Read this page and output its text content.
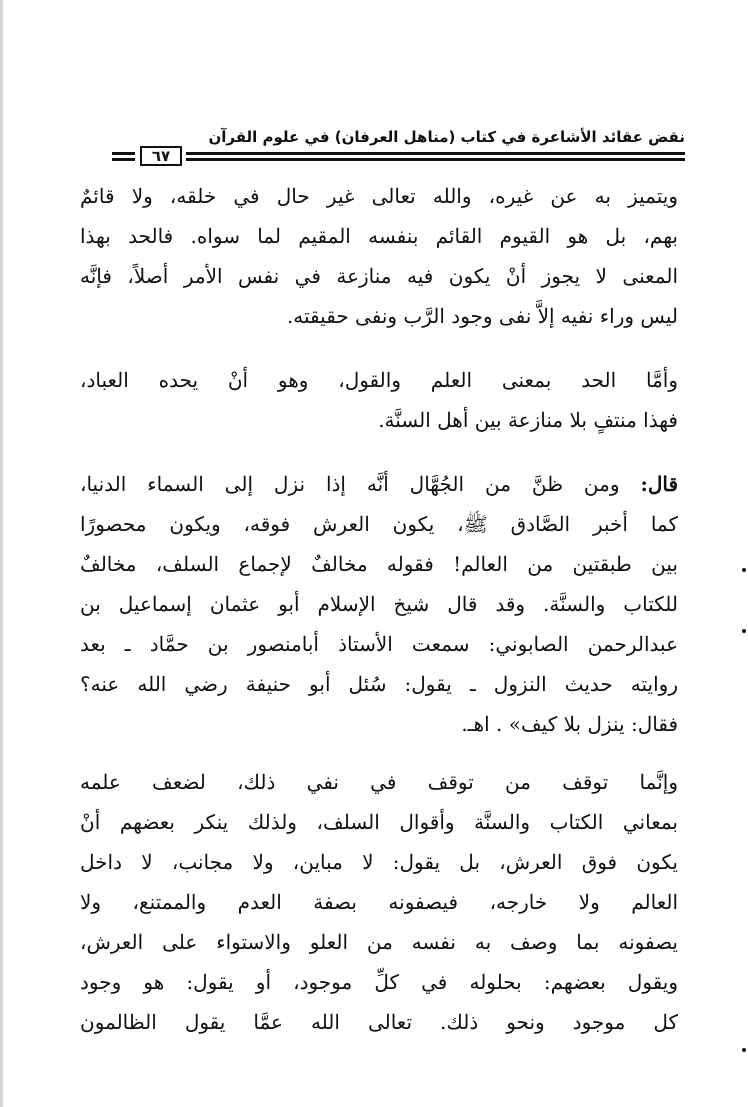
نقض عقائد الأشاعرة في كتاب (مناهل العرفان) في علوم القرآن
٦٧
ويتميز به عن غيره، والله تعالى غير حال في خلقه، ولا قائمٌ
بهم، بل هو القيوم القائم بنفسه المقيم لما سواه. فالحد بهذا
المعنى لا يجوز أنْ يكون فيه منازعة في نفس الأمر أصلاً، فإنَّه
ليس وراء نفيه إلاَّ نفى وجود الرَّب ونفى حقيقته.
وأمَّا الحد بمعنى العلم والقول، وهو أنْ يحده العباد،
فهذا منتفٍ بلا منازعة بين أهل السنَّة.
قال: ومن ظنَّ من الجُهَّال أنَّه إذا نزل إلى السماء الدنيا،
كما أخبر الصَّادق ﷺ، يكون العرش فوقه، ويكون محصورًا
بين طبقتين من العالم! فقوله مخالفٌ لإجماع السلف، مخالفٌ
للكتاب والسنَّة. وقد قال شيخ الإسلام أبو عثمان إسماعيل بن
عبدالرحمن الصابوني: سمعت الأستاذ أبامنصور بن حمَّاد ـ بعد
روايته حديث النزول ـ يقول: سُئل أبو حنيفة رضي الله عنه؟
فقال: ينزل بلا كيف» . اهـ.
وإنَّما توقف من توقف في نفي ذلك، لضعف علمه
بمعاني الكتاب والسنَّة وأقوال السلف، ولذلك ينكر بعضهم أنْ
يكون فوق العرش، بل يقول: لا مباين، ولا مجانب، لا داخل
العالم ولا خارجه، فيصفونه بصفة العدم والممتنع، ولا
يصفونه بما وصف به نفسه من العلو والاستواء على العرش،
ويقول بعضهم: بحلوله في كلِّ موجود، أو يقول: هو وجود
كل موجود ونحو ذلك. تعالى الله عمَّا يقول الظالمون
